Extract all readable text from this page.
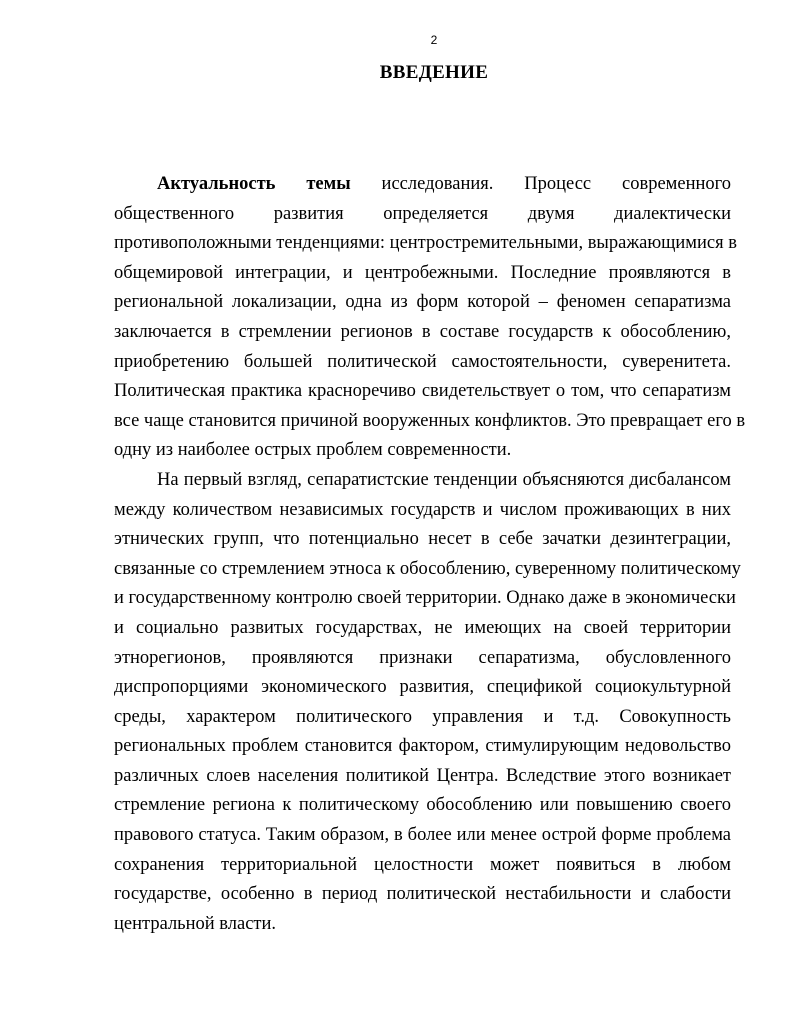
2
ВВЕДЕНИЕ
Актуальность темы исследования. Процесс современного
общественного развития определяется двумя диалектически
противоположными тенденциями: центростремительными, выражающимися в
общемировой интеграции, и центробежными. Последние проявляются в
региональной локализации, одна из форм которой – феномен сепаратизма
заключается в стремлении регионов в составе государств к обособлению,
приобретению большей политической самостоятельности, суверенитета.
Политическая практика красноречиво свидетельствует о том, что сепаратизм
все чаще становится причиной вооруженных конфликтов. Это превращает его в
одну из наиболее острых проблем современности.
На первый взгляд, сепаратистские тенденции объясняются дисбалансом
между количеством независимых государств и числом проживающих в них
этнических групп, что потенциально несет в себе зачатки дезинтеграции,
связанные со стремлением этноса к обособлению, суверенному политическому
и государственному контролю своей территории. Однако даже в экономически
и социально развитых государствах, не имеющих на своей территории
этнорегионов, проявляются признаки сепаратизма, обусловленного
диспропорциями экономического развития, спецификой социокультурной
среды, характером политического управления и т.д. Совокупность
региональных проблем становится фактором, стимулирующим недовольство
различных слоев населения политикой Центра. Вследствие этого возникает
стремление региона к политическому обособлению или повышению своего
правового статуса. Таким образом, в более или менее острой форме проблема
сохранения территориальной целостности может появиться в любом
государстве, особенно в период политической нестабильности и слабости
центральной власти.
